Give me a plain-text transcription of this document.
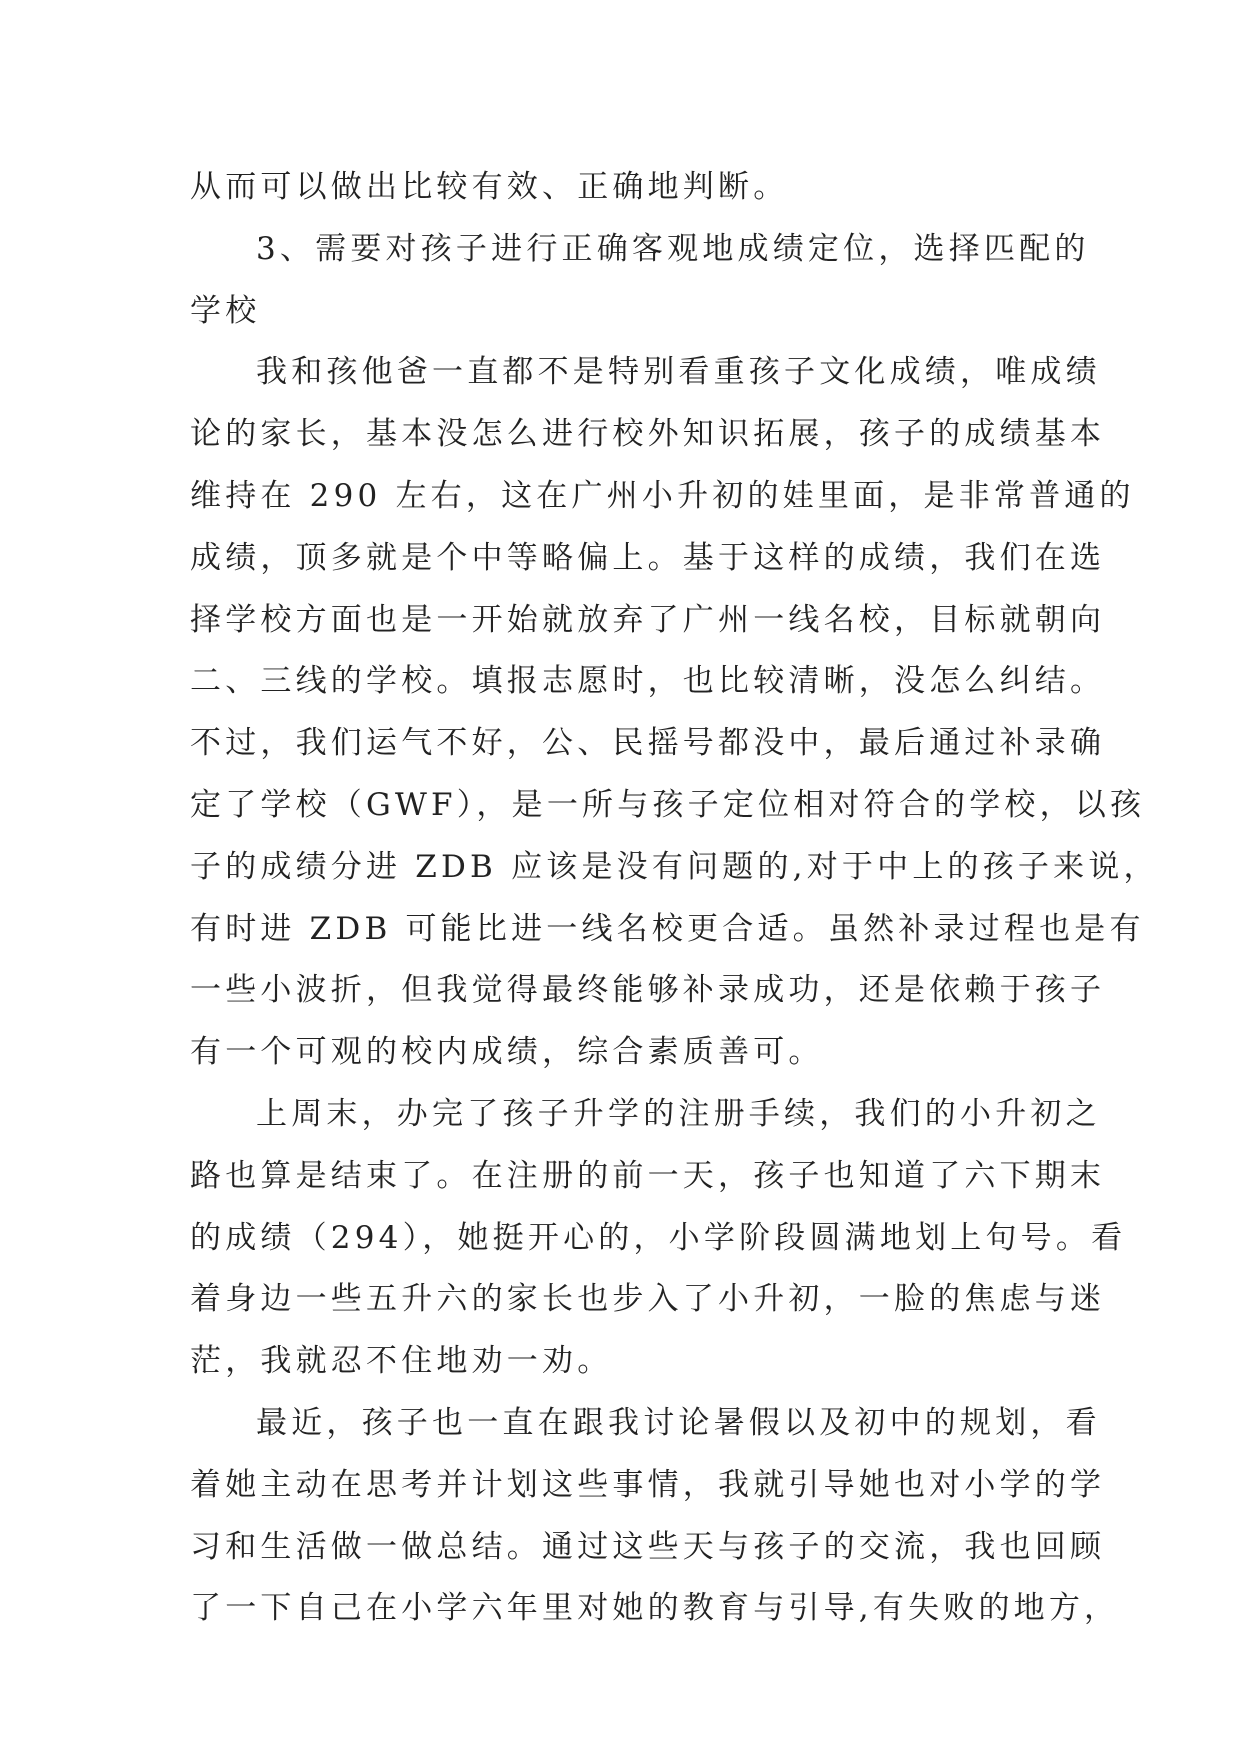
从而可以做出比较有效、正确地判断。
3、需要对孩子进行正确客观地成绩定位，选择匹配的
学校
我和孩他爸一直都不是特别看重孩子文化成绩，唯成绩
论的家长，基本没怎么进行校外知识拓展，孩子的成绩基本
维持在 290 左右，这在广州小升初的娃里面，是非常普通的
成绩，顶多就是个中等略偏上。基于这样的成绩，我们在选
择学校方面也是一开始就放弃了广州一线名校，目标就朝向
二、三线的学校。填报志愿时，也比较清晰，没怎么纠结。
不过，我们运气不好，公、民摇号都没中，最后通过补录确
定了学校（GWF），是一所与孩子定位相对符合的学校，以孩
子的成绩分进 ZDB 应该是没有问题的,对于中上的孩子来说，
有时进 ZDB 可能比进一线名校更合适。虽然补录过程也是有
一些小波折，但我觉得最终能够补录成功，还是依赖于孩子
有一个可观的校内成绩，综合素质善可。
上周末，办完了孩子升学的注册手续，我们的小升初之
路也算是结束了。在注册的前一天，孩子也知道了六下期末
的成绩（294），她挺开心的，小学阶段圆满地划上句号。看
着身边一些五升六的家长也步入了小升初，一脸的焦虑与迷
茫，我就忍不住地劝一劝。
最近，孩子也一直在跟我讨论暑假以及初中的规划，看
着她主动在思考并计划这些事情，我就引导她也对小学的学
习和生活做一做总结。通过这些天与孩子的交流，我也回顾
了一下自己在小学六年里对她的教育与引导,有失败的地方，
